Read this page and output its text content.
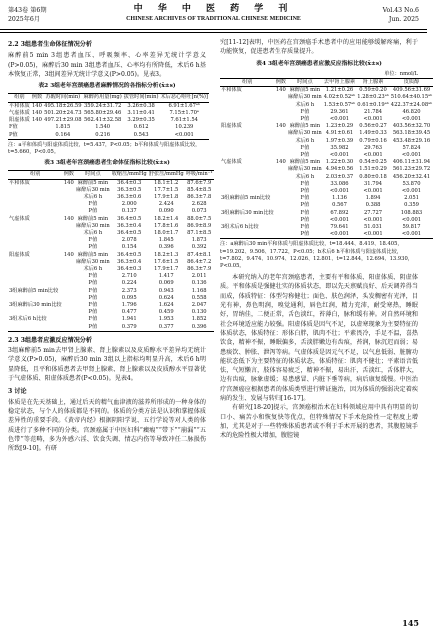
第43卷 第6期
2025年6月
中 华 中 医 药 学 刊
CHINESE ARCHIVES OF TRADITIONAL CHINESE MEDICINE
Vol.43 No.6
Jun. 2025

2.2 3组患者生命体征情况分析

麻醉前5 min 3组患者血压、呼吸频率、心率差异无统计学意义(P>0.05)，麻醉后30 min 3组患者血压、心率均有所降低，术后6 h基本恢复正常，3组间差异无统计学意义(P>0.05)。见表3。

表2 3组老年宫颈癌患者麻醉情况的各指标分析(x̄±s)
组别	例数	苏醒时间(min)	麻醉药用量(mg)	拔管时间(min)	术后恶心呕吐[n(%)]
平和体质	140	495.18±26.59	359.24±31.72	3.26±0.38	6.91±1.67ᵃᵇ
气虚体质	140	501.20±24.73	565.80±29.46	3.11±0.41	7.15±1.70ᵃ
阳虚体质	140	497.21±29.08	562.41±32.58	3.29±0.35	7.61±1.54
F值		1.815	1.540	0.612	10.239
P值		0.164	0.216	0.543	<0.001
注：a平和体质与阳虚体质比较，t=5.437，P<0.05；b平和体质与阳虚体质比较，t=5.660，P<0.05。
表3 3组老年宫颈癌患者生命体征指标比较(x̄±s)
组别	例数	时间点	收缩压/mmHg	舒张压/mmHg	呼吸/min⁻¹
平和体质	140	麻醉前5 min	36.4±0.3	18.1±1.2	87.6±7.9
		麻醉后30 min	36.3±0.5	17.7±1.5	85.4±8.5
		术后6 h	36.3±0.6	17.9±1.8	86.3±7.8
		F值	2.000	2.424	2.628
		P值	0.137	0.090	0.073
气虚体质	140	麻醉前5 min	36.4±0.5	18.2±1.4	88.0±7.5
		麻醉后30 min	36.3±0.4	17.8±1.6	86.9±8.9
		术后6 h	36.4±0.5	18.0±1.7	87.1±8.5
		F值	2.078	1.845	1.873
		P值	0.154	0.396	0.392
阳虚体质	140	麻醉前5 min	36.4±0.5	18.2±1.3	87.4±8.1
		麻醉后30 min	36.3±0.4	17.6±1.5	86.4±7.2
		术后6 h	36.4±0.3	17.9±1.7	86.3±7.9
		F值	2.710	1.417	2.011
		P值	0.224	0.069	0.136
3组麻醉前5 min比较		F值	2.373	0.943	1.168
		P值	0.095	0.624	0.558
3组麻醉后30 min比较		F值	1.796	1.624	2.047
		P值	0.477	0.459	0.130
3组术后6 h比较		F值	1.941	1.953	1.852
		P值	0.379	0.377	0.396

2.3 3组患者应激反应情况分析

3组麻醉前5 min去甲肾上腺素、肾上腺素以及皮质醇水平差异均无统计学意义(P>0.05)，麻醉后30 min 3组以上指标均明显升高，术后6 h明显降低，且平和体质患者去甲肾上腺素、肾上腺素以及皮质醇水平显著优于气虚体质、阳虚体质患者(P<0.05)。见表4。

3 讨论

体质是在先天基础上，通过后天的精气血津液的滋养所形成的一种身体的稳定状态，与个人的体质都是不同的。体质的分类方法是认识和掌握体质差异性的重要手段。《黄帝内经》根据阴阳学说、五行学说等对人类的体质进行了多种不同的分类。宫颈癌属于中医妇科“癥瘕”“带下”“崩漏”“五色带”等范畴，多为外感六淫、饮食失调、情志内伤等导致冲任二脉损伤所致[9-10]。有研

究[11-12]表明，中医药在宫颈癌手术患者中的应用能够缓解疼痛，利于功能恢复，促进患者生存质量提升。

表4 3组老年宫颈癌患者应激反应指标比较(x̄±s)
单位：nmol/L
组别	例数	时间点	去甲肾上腺素	肾上腺素	皮质醇
平和体质	140	麻醉前5 min	1.21±0.26	0.59±0.20	409.56±31.69
		麻醉后30 min	4.02±0.52ᵃᵇ	1.28±0.23ᵃᵇ	510.64±40.15ᵃᵇ
		术后6 h	1.53±0.57ᵃᵇ	0.61±0.19ᵃᵇ	422.37±24.08ᵃᵇ
		F值	29.361	21.784	46.820
		P值	<0.001	<0.001	<0.001
阳虚体质	140	麻醉前5 min	1.23±0.29	0.56±0.27	403.56±32.70
		麻醉后30 min	4.91±0.61	1.49±0.33	563.18±39.45
		术后6 h	1.97±0.39	0.79±0.16	453.48±29.16
		F值	35.982	29.763	57.824
		P值	<0.001	<0.001	<0.001
气虚体质	140	麻醉前5 min	1.22±0.30	0.54±0.25	406.11±31.94
		麻醉后30 min	4.94±0.56	1.51±0.29	561.23±29.72
		术后6 h	2.03±0.37	0.80±0.18	456.20±32.41
		F值	33.086	31.794	53.870
		P值	<0.001	<0.001	<0.001
3组麻醉前5 min比较		F值	1.136	1.894	2.051
		P值	0.567	0.388	0.359
3组麻醉后30 min比较		F值	67.892	27.727	108.883
		P值	<0.001	<0.001	<0.001
3组术后6 h比较		F值	79.641	51.031	59.817
		P值	<0.001	<0.001	<0.001
注：a麻醉后30 min平和体质与阳虚体质比较，t=18.444、8.419、18.405，t=19.202、9.506、17.722，P<0.05；b术后6 h平和体质与阳虚体质比较，t=7.802、9.474、10.974、12.026、12.801、t=12.844，12.694、13.930，P<0.05。

本研究纳入的老年宫颈癌患者，主要有平和体质、阳虚体质、阴虚体质。平和体质是强健壮实的体质状态，即以先天禀赋良好、后天调养得当而成，体质特征：体型匀称健壮；面色、肤色润泽，头发稠密有光泽，目光有神，鼻色明润，嗅觉通利，唇色红润，精力充沛，耐受寒热，睡眠好，胃纳佳，二便正常，舌色淡红，苔薄白，脉和缓有神。对自然环境和社会环境适应能力较强。阳虚体质是因气不足，以虚寒现象为主要特征的体质状态，体质特征：形体白胖，肌肉不壮；平素畏冷，手足不温，喜热饮食，精神不振，睡眠偏多，舌淡胖嫩边有齿痕，苔润，脉沉迟而弱；易患痰饮、肿胀、泄泻等病。气虚体质是因元气不足，以气息低弱、脏腑功能状态低下为主要特征的体质状态，体质特征：肌肉不健壮；平素语音低怯，气短懒言，肢体容易疲乏，精神不振，易出汗，舌淡红，舌体胖大，边有齿痕，脉象虚缓；易患感冒、内脏下垂等病，病后康复缓慢。中医治疗宫颈癌应根据患者的体质类型进行辨证施治，因为体质的强弱决定着疾病的发生、发展与转归[16-17]。

有研究[18-20]提示，宫颈癌根治术在妇科领域应用中具有明显的切口小、痛苦小和恢复快等优点，但特殊情况下手术危险性一定程度上增加，尤其是对于一些特殊体质患者或不利于手术开展的患者，其腹腔镜手术的危险性极大增加，腹腔镜

145
